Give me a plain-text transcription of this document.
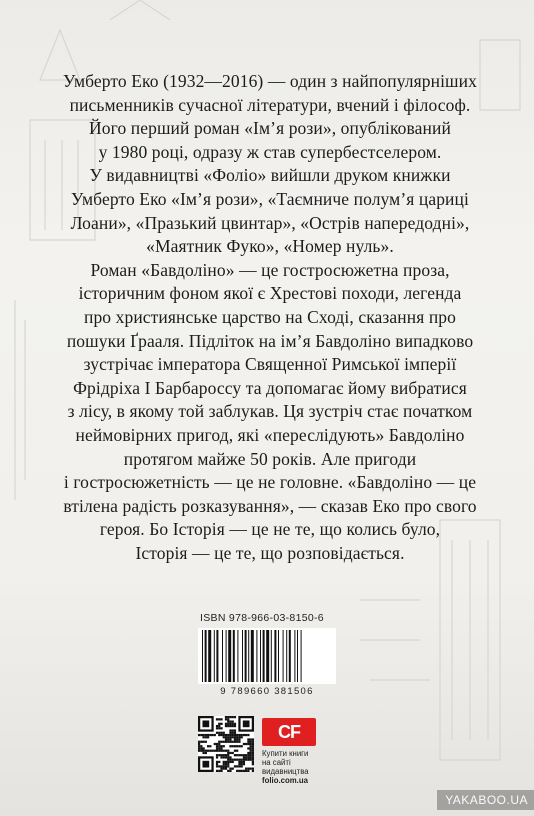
Умберто Еко (1932—2016) — один з найпопулярніших
письменників сучасної літератури, вчений і філософ.
Його перший роман «Ім’я рози», опублікований
у 1980 році, одразу ж став супербестселером.

У видавництві «Фоліо» вийшли друком книжки
Умберто Еко «Ім’я рози», «Таємниче полум’я цариці
Лоани», «Празький цвинтар», «Острів напередодні»,
«Маятник Фуко», «Номер нуль».

Роман «Бавдоліно» — це гостросюжетна проза,
історичним фоном якої є Хрестові походи, легенда
про християнське царство на Сході, сказання про
пошуки Ґрааля. Підліток на ім’я Бавдоліно випадково
зустрічає імператора Священної Римської імперії
Фрідріха І Барбароссу та допомагає йому вибратися
з лісу, в якому той заблукав. Ця зустріч стає початком
неймовірних пригод, які «переслідують» Бавдоліно
протягом майже 50 років. Але пригоди
і гостросюжетність — це не головне. «Бавдоліно — це
втілена радість розказування», — сказав Еко про свого
героя. Бо Історія — це не те, що колись було,
Історія — це те, що розповідається.

ISBN 978-966-03-8150-6
9 789660 381506
CF
Купити книги
на сайті
видавництва
folio.com.ua
YAKABOO.UA
